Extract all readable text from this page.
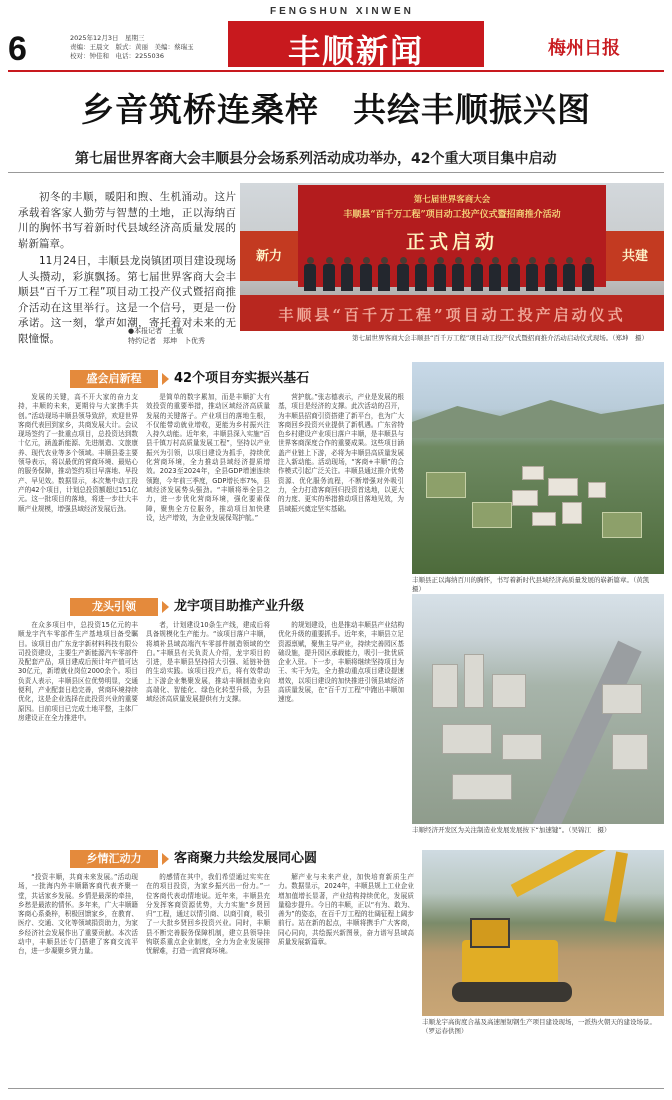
6	2025年12月3日　星期三
责编：王晨文　版式：黄丽　美编：蔡瑞玉
校对：钟佳和　电话：2255036
FENGSHUN XINWEN
丰顺新闻	梅州日报
乡音筑桥连桑梓　共绘丰顺振兴图
第七届世界客商大会丰顺县分会场系列活动成功举办，42个重大项目集中启动

初冬的丰顺，暖阳和煦、生机涌动。这片承载着客家人勤劳与智慧的土地，正以海纳百川的胸怀书写着新时代县域经济高质量发展的崭新篇章。

11月24日，丰顺县龙岗镇团项目建设现场人头攒动，彩旗飘扬。第七届世界客商大会丰顺县“百千万工程”项目动工投产仪式暨招商推介活动在这里举行。这是一个信号，更是一份承诺。这一刻，掌声如潮，寄托着对未来的无限憧憬。

●本报记者　王敏
特约记者　郑坤　卜优秀
第七届世界客商大会
丰顺县“百千万工程”项目动工投产仪式暨招商推介活动
正式启动
新力	共建
丰顺县“百千万工程”项目动工投产启动仪式
第七届世界客商大会丰顺县“百千万工程”项目动工投产仪式暨招商推介活动启动仪式现场。（郑坤　摄）
盛会启新程	42个项目夯实振兴基石

发展的关键，高不开大家的奋力支持，丰顺的未来，更期待与大家携手共创。”活动现场丰顺县领导致辞，欢迎世界客商代表回到家乡，共商发展大计。会议现场签约了一批重点项目，总投资达到数十亿元，涵盖新能源、先进制造、文旅康养、现代农业等多个领域。丰顺县委主要领导表示，将以最优的营商环境、最贴心的服务保障，推动签约项目早落地、早投产、早见效。数据显示，本次集中动工投产的42个项目，计划总投资额超过151亿元。这一批项目的落地，将进一步壮大丰顺产业规模，增强县域经济发展后劲。

是简单的数字累加，而是丰顺扩大有效投资的重要举措，推动区域经济高质量发展的关键落子。产业项目的落地生根，不仅能带动就业增收，更能为乡村振兴注入持久动能。近年来，丰顺县深入实施“百县千镇万村高质量发展工程”，坚持以产业振兴为引领，以项目建设为抓手，持续优化营商环境，全力推动县域经济提质增效。2023至2024年，全县GDP增速连续领跑，今年前三季度，GDP增长率7%，县域经济发展势头强劲。“丰顺将举全县之力，进一步优化营商环境，强化要素保障，聚焦全方位服务，推动项目加快建设，达产增效，为企业发展保驾护航。”

营护航。”张志德表示，产业是发展的根基，项目是经济的支撑。此次活动的召开，为丰顺县招商引资搭建了新平台，也为广大客商回乡投资兴业提供了新机遇。广东省特色乡村建设产业项目落户丰顺，是丰顺县与世界客商深度合作的重要成果。这些项目涵盖产业链上下游，必将为丰顺县高质量发展注入新动能。活动现场，“客商+丰顺”的合作模式引起广泛关注。丰顺县通过推介优势资源、优化服务流程，不断增强对外吸引力，全力打造客商回归投资首选地，以更大的力度、更实的举措推动项目落地见效，为县域振兴奠定坚实基础。

龙头引领	龙宇项目助推产业升级

在众多项目中，总投资15亿元的丰顺龙宇汽车零部件生产基地项目备受瞩目。该项目由广东龙宇新材料科技有限公司投资建设，主要生产新能源汽车零部件及配套产品，项目建成后预计年产值可达30亿元，新增就业岗位2000余个。项目负责人表示，丰顺县区位优势明显，交通便利，产业配套日趋完善，营商环境持续优化，这是企业选择在此投资兴业的重要原因。目前项目已完成土地平整，主体厂房建设正在全力推进中。

者，计划建设10条生产线，建成后将具备规模化生产能力。“该项目落户丰顺，将填补县域高端汽车零部件制造领域的空白。”丰顺县有关负责人介绍，龙宇项目的引进，是丰顺县坚持招大引强、延链补链的生动实践。该项目投产后，将有效带动上下游企业集聚发展，推动丰顺制造业向高端化、智能化、绿色化转型升级，为县域经济高质量发展提供有力支撑。

的规划建设，也是推动丰顺县产业结构优化升级的重要抓手。近年来，丰顺县立足资源禀赋，聚焦主导产业，持续完善园区基础设施，提升园区承载能力，吸引一批优质企业入驻。下一步，丰顺将继续坚持项目为王、实干为先，全力推动重点项目建设提速增效，以项目建设的加快推进引领县域经济高质量发展，在“百千万工程”中跑出丰顺加速度。

乡情汇动力	客商聚力共绘发展同心圆

“投资丰顺，共商未来发展。”活动现场，一批海内外丰顺籍客商代表齐聚一堂，共话家乡发展。乡情是最深的牵挂，乡愁是最浓的情怀。多年来，广大丰顺籍客商心系桑梓，积极回馈家乡，在教育、医疗、交通、文化等领域捐资助力，为家乡经济社会发展作出了重要贡献。本次活动中，丰顺县还专门搭建了客商交流平台，进一步凝聚乡贤力量。

的感情在其中，我们希望通过实实在在的项目投资，为家乡振兴出一份力。”一位客商代表动情地说。近年来，丰顺县充分发挥客商资源优势，大力实施“乡贤回归”工程，通过以情引商、以商引商，吸引了一大批乡贤回乡投资兴业。同时，丰顺县不断完善服务保障机制，建立县领导挂钩联系重点企业制度，全力为企业发展排忧解难，打造一流营商环境。

解产业与未来产业，加快培育新质生产力。数据显示，2024年，丰顺县规上工业企业增加值增长显著，产业结构持续优化，发展质量稳步提升。今日的丰顺，正以“有为、敢为、善为”的姿态，在百千万工程的壮阔征程上阔步前行。站在新的起点，丰顺将携手广大客商，同心同向，共绘振兴新图景，奋力谱写县域高质量发展新篇章。

丰顺县正以海纳百川的胸怀，书写着新时代县域经济高质量发展的崭新篇章。（黄凯　摄）
丰顺经济开发区为关注制造业发展发展按下“加速键”。（吴锦江　摄）
丰顺龙宇高街度合基及高速厘韧钢生产项目建设现场，一派热火朝天的建设场景。（罗运春供图）
